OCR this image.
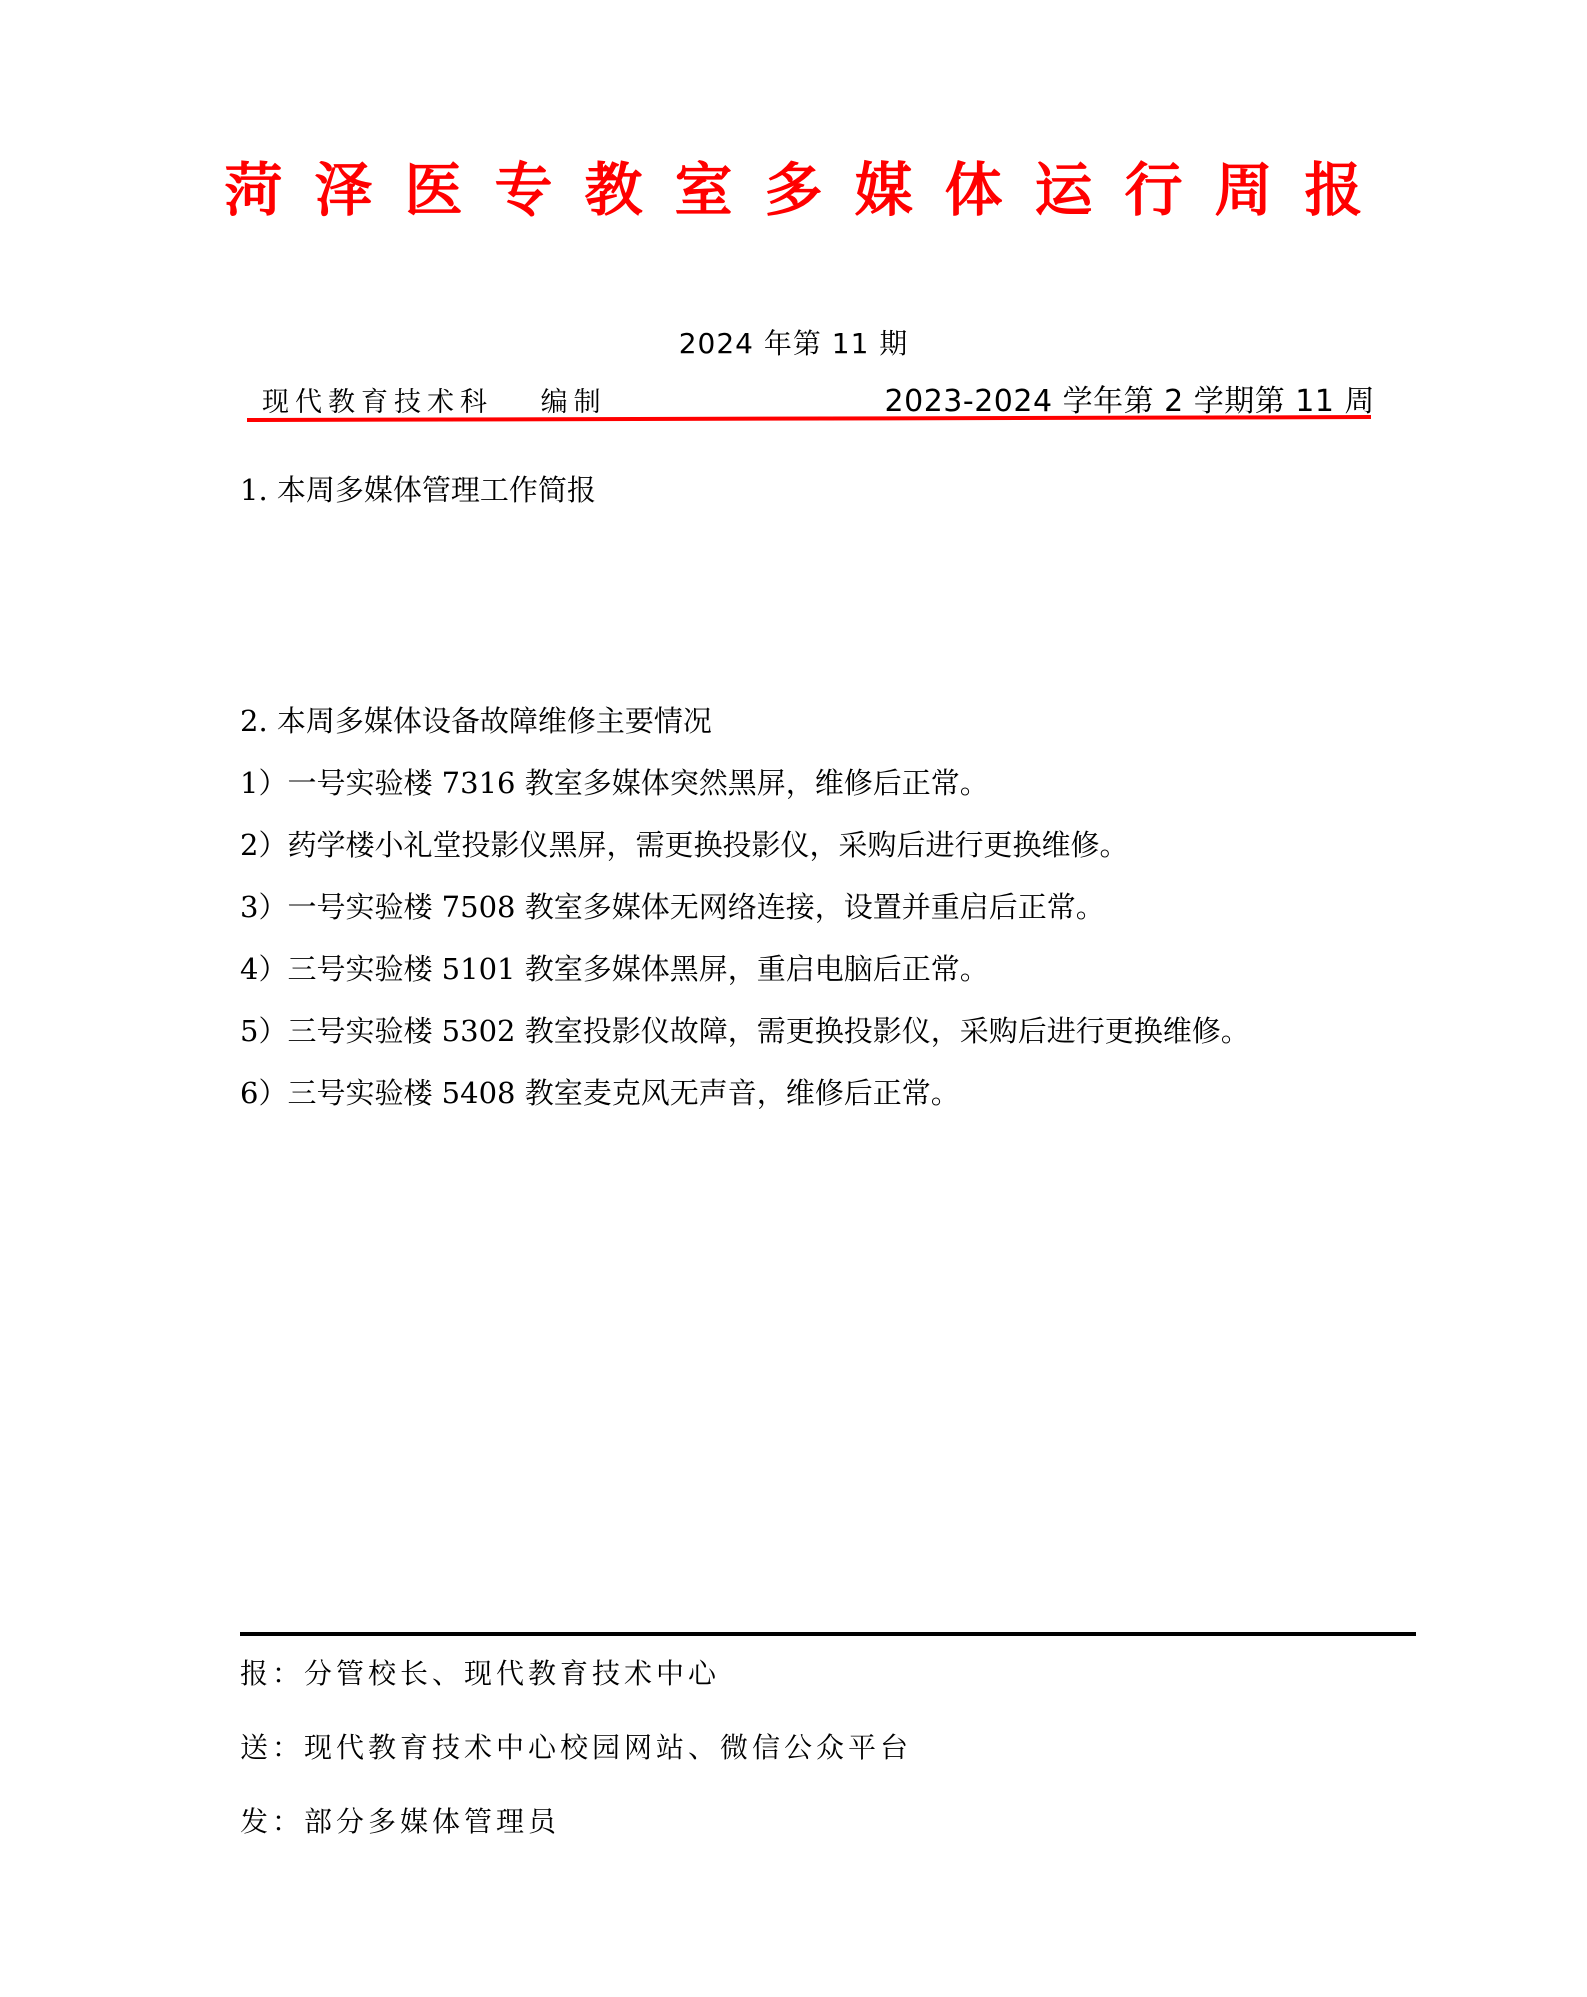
菏泽医专教室多媒体运行周报
2024 年第 11 期
现代教育技术科　 编制	2023-2024 学年第 2 学期第 11 周
1. 本周多媒体管理工作简报
2. 本周多媒体设备故障维修主要情况
1）一号实验楼 7316 教室多媒体突然黑屏，维修后正常。
2）药学楼小礼堂投影仪黑屏，需更换投影仪，采购后进行更换维修。
3）一号实验楼 7508 教室多媒体无网络连接，设置并重启后正常。
4）三号实验楼 5101 教室多媒体黑屏，重启电脑后正常。
5）三号实验楼 5302 教室投影仪故障，需更换投影仪，采购后进行更换维修。
6）三号实验楼 5408 教室麦克风无声音，维修后正常。
报：分管校长、现代教育技术中心
送：现代教育技术中心校园网站、微信公众平台
发：部分多媒体管理员
